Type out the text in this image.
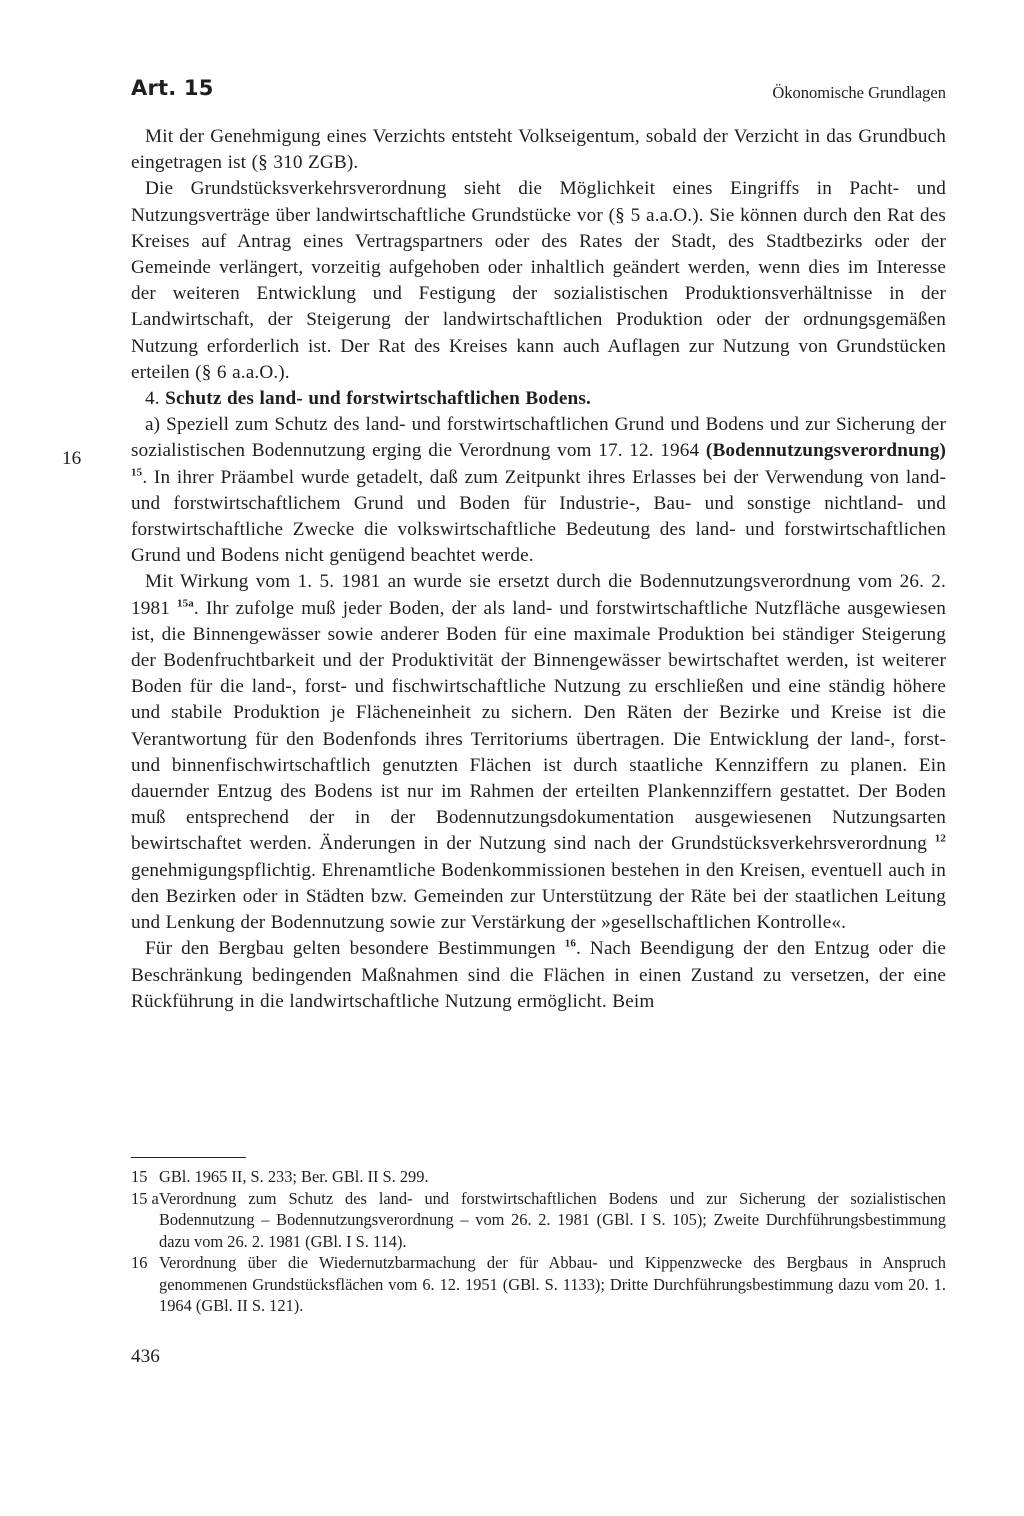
Art. 15	Ökonomische Grundlagen
16

Mit der Genehmigung eines Verzichts entsteht Volkseigentum, sobald der Verzicht in das Grundbuch eingetragen ist (§ 310 ZGB).

Die Grundstücksverkehrsverordnung sieht die Möglichkeit eines Eingriffs in Pacht- und Nutzungsverträge über landwirtschaftliche Grundstücke vor (§ 5 a.a.O.). Sie können durch den Rat des Kreises auf Antrag eines Vertragspartners oder des Rates der Stadt, des Stadtbezirks oder der Gemeinde verlängert, vorzeitig aufgehoben oder inhaltlich geändert werden, wenn dies im Interesse der weiteren Entwicklung und Festigung der sozialistischen Produktionsverhältnisse in der Landwirtschaft, der Steigerung der landwirtschaftlichen Produktion oder der ordnungsgemäßen Nutzung erforderlich ist. Der Rat des Kreises kann auch Auflagen zur Nutzung von Grundstücken erteilen (§ 6 a.a.O.).

4. Schutz des land- und forstwirtschaftlichen Bodens.

a) Speziell zum Schutz des land- und forstwirtschaftlichen Grund und Bodens und zur Sicherung der sozialistischen Bodennutzung erging die Verordnung vom 17. 12. 1964 (Bodennutzungsverordnung) $^{15}$. In ihrer Präambel wurde getadelt, daß zum Zeitpunkt ihres Erlasses bei der Verwendung von land- und forstwirtschaftlichem Grund und Boden für Industrie-, Bau- und sonstige nichtland- und forstwirtschaftliche Zwecke die volkswirtschaftliche Bedeutung des land- und forstwirtschaftlichen Grund und Bodens nicht genügend beachtet werde.

Mit Wirkung vom 1. 5. 1981 an wurde sie ersetzt durch die Bodennutzungsverordnung vom 26. 2. 1981 $^{15a}$. Ihr zufolge muß jeder Boden, der als land- und forstwirtschaftliche Nutzfläche ausgewiesen ist, die Binnengewässer sowie anderer Boden für eine maximale Produktion bei ständiger Steigerung der Bodenfruchtbarkeit und der Produktivität der Binnengewässer bewirtschaftet werden, ist weiterer Boden für die land-, forst- und fischwirtschaftliche Nutzung zu erschließen und eine ständig höhere und stabile Produktion je Flächeneinheit zu sichern. Den Räten der Bezirke und Kreise ist die Verantwortung für den Bodenfonds ihres Territoriums übertragen. Die Entwicklung der land-, forst- und binnenfischwirtschaftlich genutzten Flächen ist durch staatliche Kennziffern zu planen. Ein dauernder Entzug des Bodens ist nur im Rahmen der erteilten Plankennziffern gestattet. Der Boden muß entsprechend der in der Bodennutzungsdokumentation ausgewiesenen Nutzungsarten bewirtschaftet werden. Änderungen in der Nutzung sind nach der Grundstücksverkehrsverordnung $^{12}$ genehmigungspflichtig. Ehrenamtliche Bodenkommissionen bestehen in den Kreisen, eventuell auch in den Bezirken oder in Städten bzw. Gemeinden zur Unterstützung der Räte bei der staatlichen Leitung und Lenkung der Bodennutzung sowie zur Verstärkung der »gesellschaftlichen Kontrolle«.

Für den Bergbau gelten besondere Bestimmungen $^{16}$. Nach Beendigung der den Entzug oder die Beschränkung bedingenden Maßnahmen sind die Flächen in einen Zustand zu versetzen, der eine Rückführung in die landwirtschaftliche Nutzung ermöglicht. Beim

15 GBl. 1965 II, S. 233; Ber. GBl. II S. 299.
15 a Verordnung zum Schutz des land- und forstwirtschaftlichen Bodens und zur Sicherung der sozialistischen Bodennutzung – Bodennutzungsverordnung – vom 26. 2. 1981 (GBl. I S. 105); Zweite Durchführungsbestimmung dazu vom 26. 2. 1981 (GBl. I S. 114).
16 Verordnung über die Wiedernutzbarmachung der für Abbau- und Kippenzwecke des Bergbaus in Anspruch genommenen Grundstücksflächen vom 6. 12. 1951 (GBl. S. 1133); Dritte Durchführungsbestimmung dazu vom 20. 1. 1964 (GBl. II S. 121).
436
